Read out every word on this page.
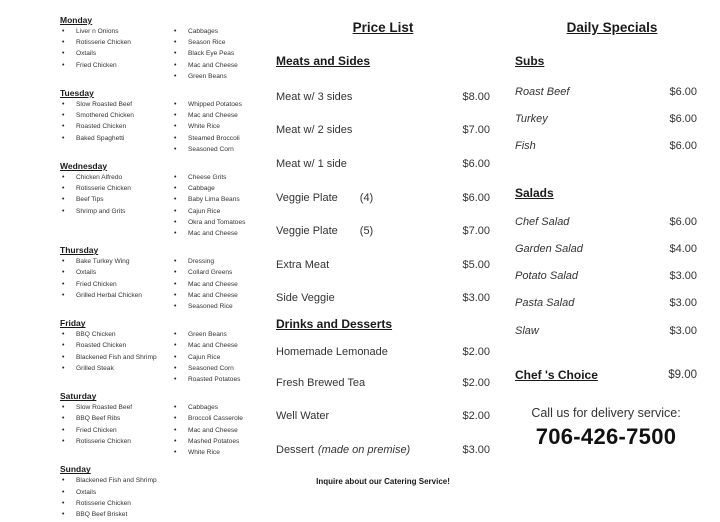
Monday
• Liver n Onions
• Rotisserie Chicken
• Oxtails
• Fried Chicken
• Cabbages
• Season Rice
• Black Eye Peas
• Mac and Cheese
• Green Beans
Tuesday
• Slow Roasted Beef
• Smothered Chicken
• Roasted Chicken
• Baked Spaghetti
• Whipped Potatoes
• Mac and Cheese
• White Rice
• Steamed Broccoli
• Seasoned Corn
Wednesday
• Chicken Alfredo
• Rotisserie Chicken
• Beef Tips
• Shrimp and Grits
• Cheese Grits
• Cabbage
• Baby Lima Beans
• Cajun Rice
• Okra and Tomatoes
• Mac and Cheese
Thursday
• Bake Turkey Wing
• Oxtails
• Fried Chicken
• Grilled Herbal Chicken
• Dressing
• Collard Greens
• Mac and Cheese
• Mac and Cheese
• Seasoned Rice
Friday
• BBQ Chicken
• Roasted Chicken
• Blackened Fish and Shrimp
• Grilled Steak
• Green Beans
• Mac and Cheese
• Cajun Rice
• Seasoned Corn
• Roasted Potatoes
Saturday
• Slow Roasted Beef
• BBQ Beef Ribs
• Fried Chicken
• Rotisserie Chicken
• Cabbages
• Broccoli Casserole
• Mac and Cheese
• Mashed Potatoes
• White Rice
Sunday
• Blackened Fish and Shrimp
• Oxtails
• Rotisserie Chicken
• BBQ Beef Brisket
Price List
Meats and Sides
Meat w/ 3 sides	$8.00
Meat w/ 2 sides	$7.00
Meat w/ 1 side	$6.00
Veggie Plate (4)	$6.00
Veggie Plate (5)	$7.00
Extra Meat	$5.00
Side Veggie	$3.00
Drinks and Desserts
Homemade Lemonade	$2.00
Fresh Brewed Tea	$2.00
Well Water	$2.00
Dessert (made on premise)	$3.00
Inquire about our Catering Service!
Daily Specials
Subs
Roast Beef	$6.00
Turkey	$6.00
Fish	$6.00
Salads
Chef Salad	$6.00
Garden Salad	$4.00
Potato Salad	$3.00
Pasta Salad	$3.00
Slaw	$3.00
Chef 's Choice	$9.00
Call us for delivery service:
706-426-7500
